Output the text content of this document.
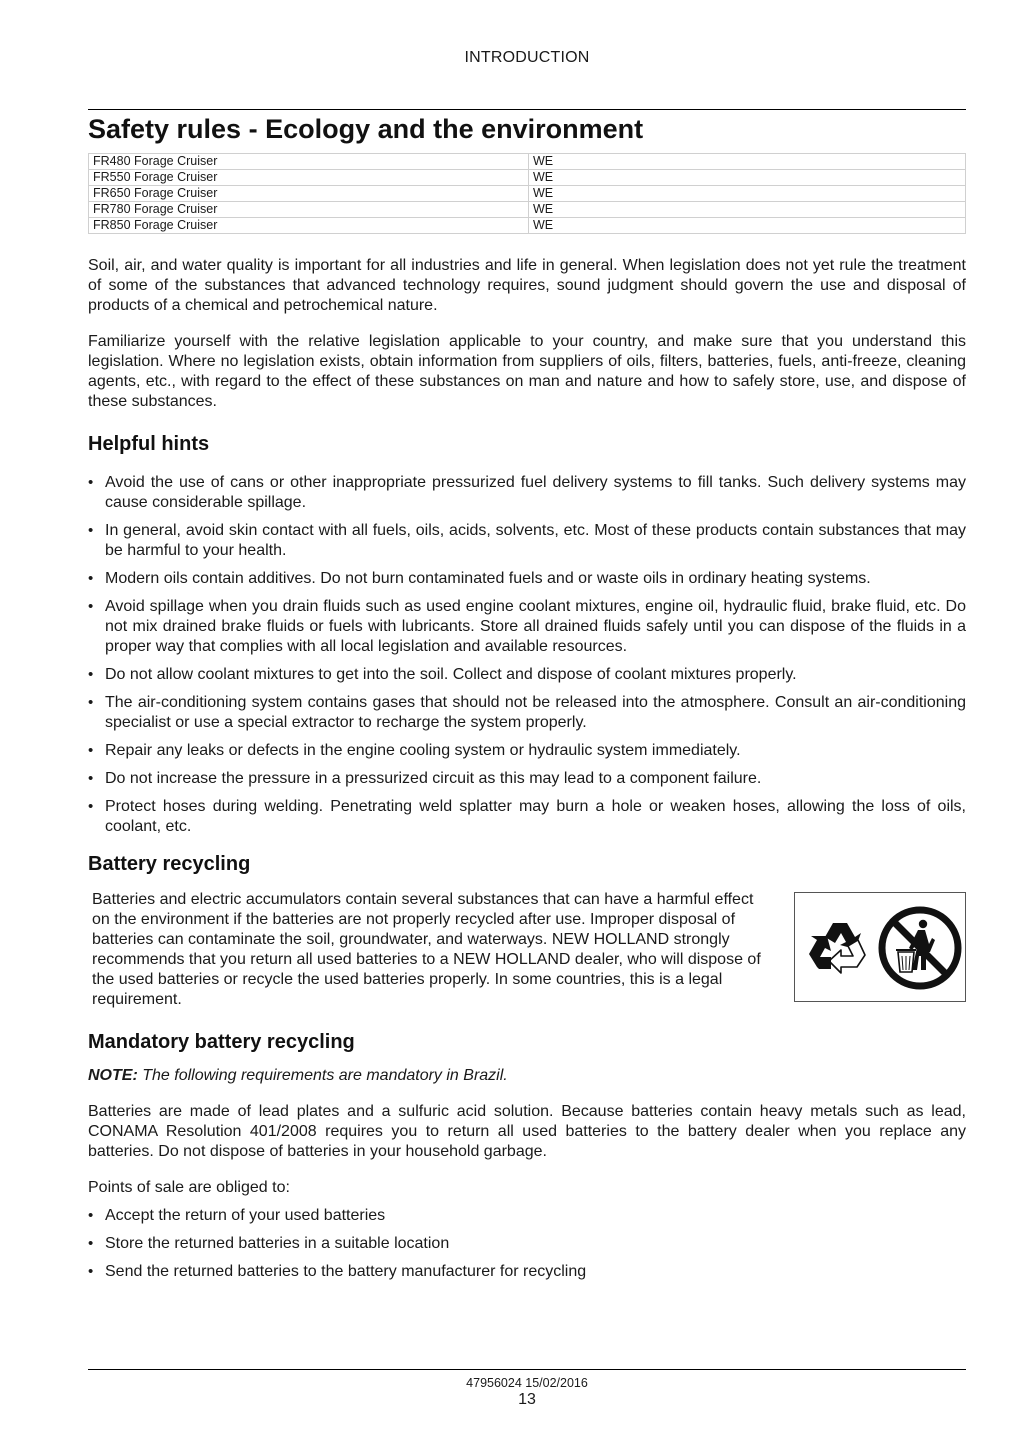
INTRODUCTION
Safety rules - Ecology and the environment
FR480 Forage Cruiser	WE
FR550 Forage Cruiser	WE
FR650 Forage Cruiser	WE
FR780 Forage Cruiser	WE
FR850 Forage Cruiser	WE

Soil, air, and water quality is important for all industries and life in general. When legislation does not yet rule the treatment of some of the substances that advanced technology requires, sound judgment should govern the use and disposal of products of a chemical and petrochemical nature.

Familiarize yourself with the relative legislation applicable to your country, and make sure that you understand this legislation. Where no legislation exists, obtain information from suppliers of oils, filters, batteries, fuels, anti-freeze, cleaning agents, etc., with regard to the effect of these substances on man and nature and how to safely store, use, and dispose of these substances.

Helpful hints
• Avoid the use of cans or other inappropriate pressurized fuel delivery systems to fill tanks. Such delivery systems may cause considerable spillage.
• In general, avoid skin contact with all fuels, oils, acids, solvents, etc. Most of these products contain substances that may be harmful to your health.
• Modern oils contain additives. Do not burn contaminated fuels and or waste oils in ordinary heating systems.
• Avoid spillage when you drain fluids such as used engine coolant mixtures, engine oil, hydraulic fluid, brake fluid, etc. Do not mix drained brake fluids or fuels with lubricants. Store all drained fluids safely until you can dispose of the fluids in a proper way that complies with all local legislation and available resources.
• Do not allow coolant mixtures to get into the soil. Collect and dispose of coolant mixtures properly.
• The air-conditioning system contains gases that should not be released into the atmosphere. Consult an air-conditioning specialist or use a special extractor to recharge the system properly.
• Repair any leaks or defects in the engine cooling system or hydraulic system immediately.
• Do not increase the pressure in a pressurized circuit as this may lead to a component failure.
• Protect hoses during welding. Penetrating weld splatter may burn a hole or weaken hoses, allowing the loss of oils, coolant, etc.
Battery recycling
Batteries and electric accumulators contain several substances that can have a harmful effect on the environment if the batteries are not properly recycled after use. Improper disposal of batteries can contaminate the soil, groundwater, and waterways. NEW HOLLAND strongly recommends that you return all used batteries to a NEW HOLLAND dealer, who will dispose of the used batteries or recycle the used batteries properly. In some countries, this is a legal requirement.
Mandatory battery recycling

NOTE: The following requirements are mandatory in Brazil.

Batteries are made of lead plates and a sulfuric acid solution. Because batteries contain heavy metals such as lead, CONAMA Resolution 401/2008 requires you to return all used batteries to the battery dealer when you replace any batteries. Do not dispose of batteries in your household garbage.

Points of sale are obliged to:

• Accept the return of your used batteries
• Store the returned batteries in a suitable location
• Send the returned batteries to the battery manufacturer for recycling
47956024 15/02/2016
13
